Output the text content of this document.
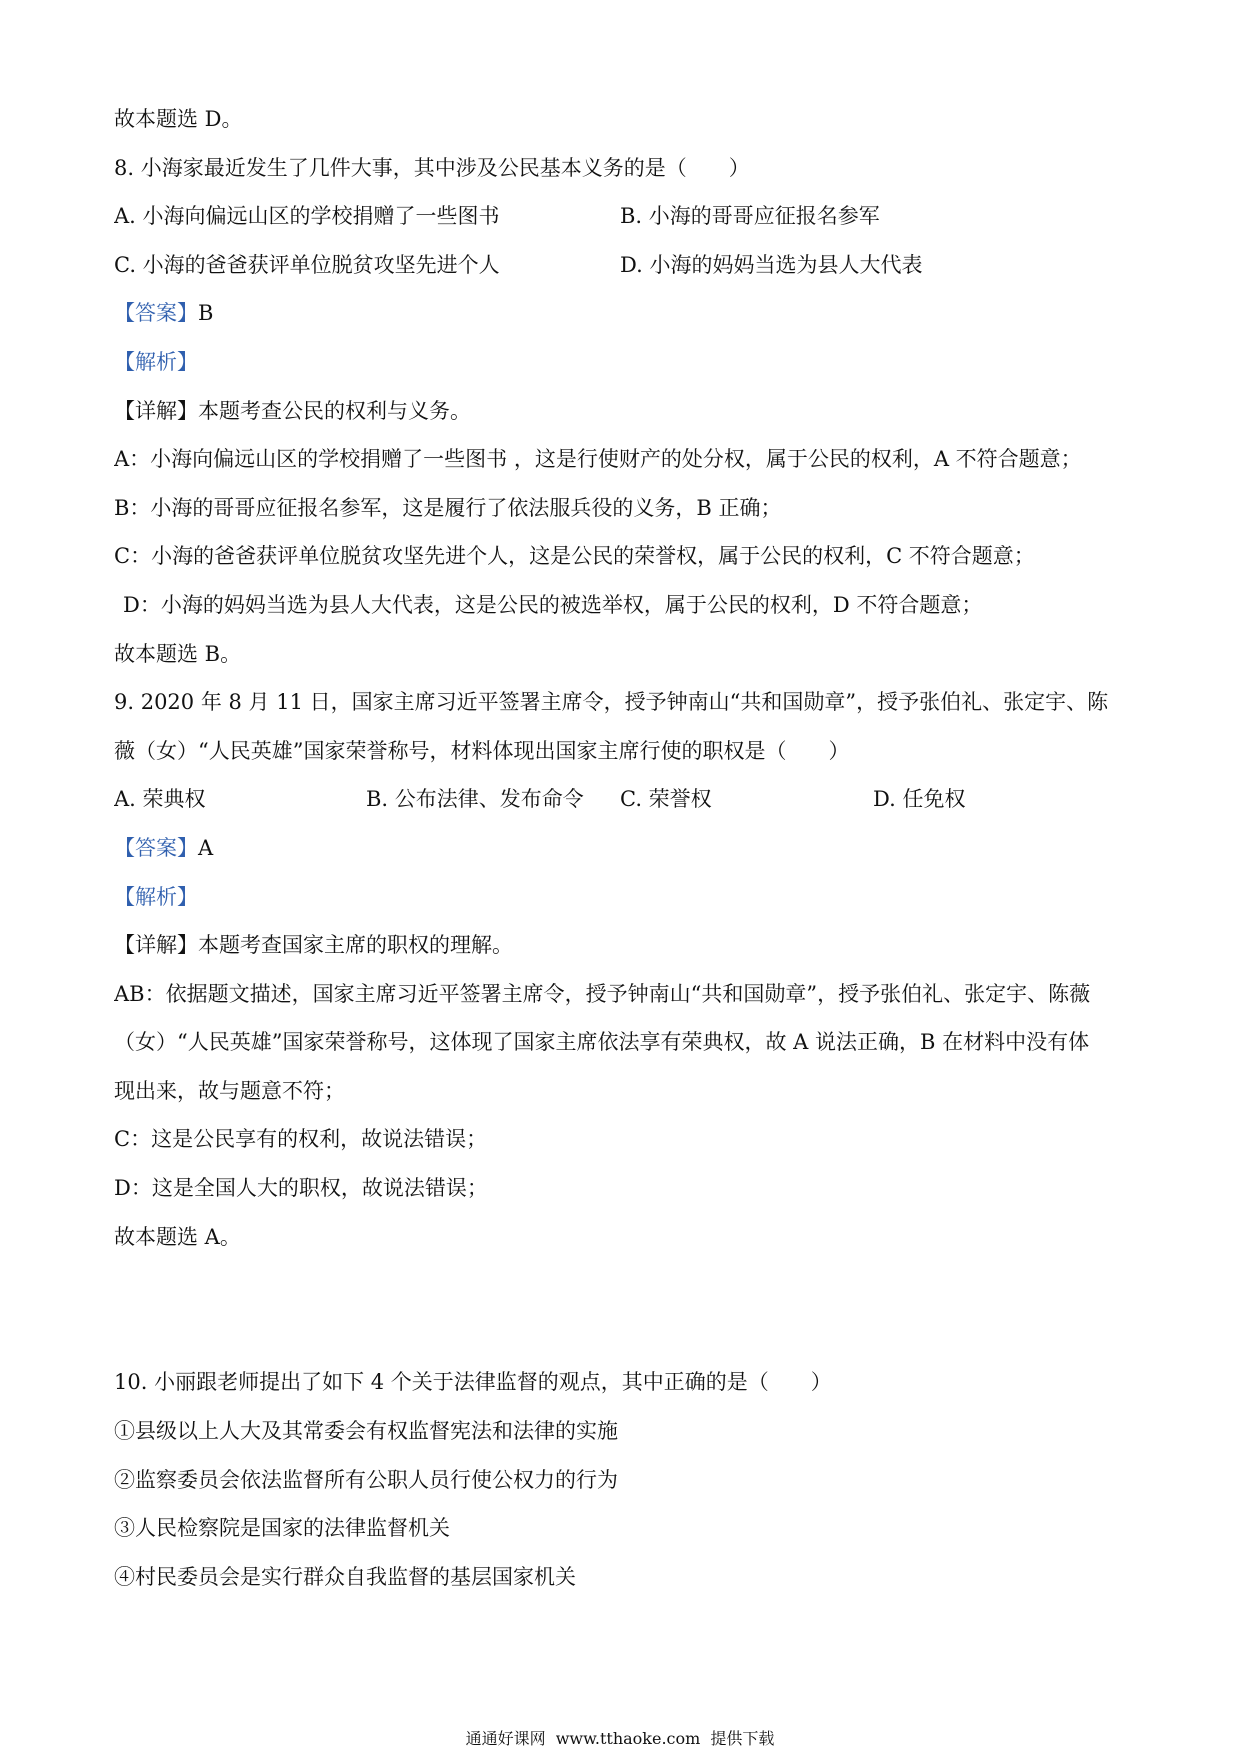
故本题选 D。
8. 小海家最近发生了几件大事，其中涉及公民基本义务的是（　　）
A. 小海向偏远山区的学校捐赠了一些图书	B. 小海的哥哥应征报名参军
C. 小海的爸爸获评单位脱贫攻坚先进个人	D. 小海的妈妈当选为县人大代表
【答案】B
【解析】
【详解】本题考查公民的权利与义务。
A：小海向偏远山区的学校捐赠了一些图书 ，这是行使财产的处分权，属于公民的权利，A 不符合题意；
B：小海的哥哥应征报名参军，这是履行了依法服兵役的义务，B 正确；
C：小海的爸爸获评单位脱贫攻坚先进个人，这是公民的荣誉权，属于公民的权利，C 不符合题意；
D：小海的妈妈当选为县人大代表，这是公民的被选举权，属于公民的权利，D 不符合题意；
故本题选 B。
9. 2020 年 8 月 11 日，国家主席习近平签署主席令，授予钟南山“共和国勋章”，授予张伯礼、张定宇、陈
薇（女）“人民英雄”国家荣誉称号，材料体现出国家主席行使的职权是（　　）
A. 荣典权	B. 公布法律、发布命令 C. 荣誉权	D. 任免权
【答案】A
【解析】
【详解】本题考查国家主席的职权的理解。
AB：依据题文描述，国家主席习近平签署主席令，授予钟南山“共和国勋章”，授予张伯礼、张定宇、陈薇
（女）“人民英雄”国家荣誉称号，这体现了国家主席依法享有荣典权，故 A 说法正确，B 在材料中没有体
现出来，故与题意不符；
C：这是公民享有的权利，故说法错误；
D：这是全国人大的职权，故说法错误；
故本题选 A。
10. 小丽跟老师提出了如下 4 个关于法律监督的观点，其中正确的是（　　）
①县级以上人大及其常委会有权监督宪法和法律的实施
②监察委员会依法监督所有公职人员行使公权力的行为
③人民检察院是国家的法律监督机关
④村民委员会是实行群众自我监督的基层国家机关
通通好课网 www.tthaoke.com 提供下载
